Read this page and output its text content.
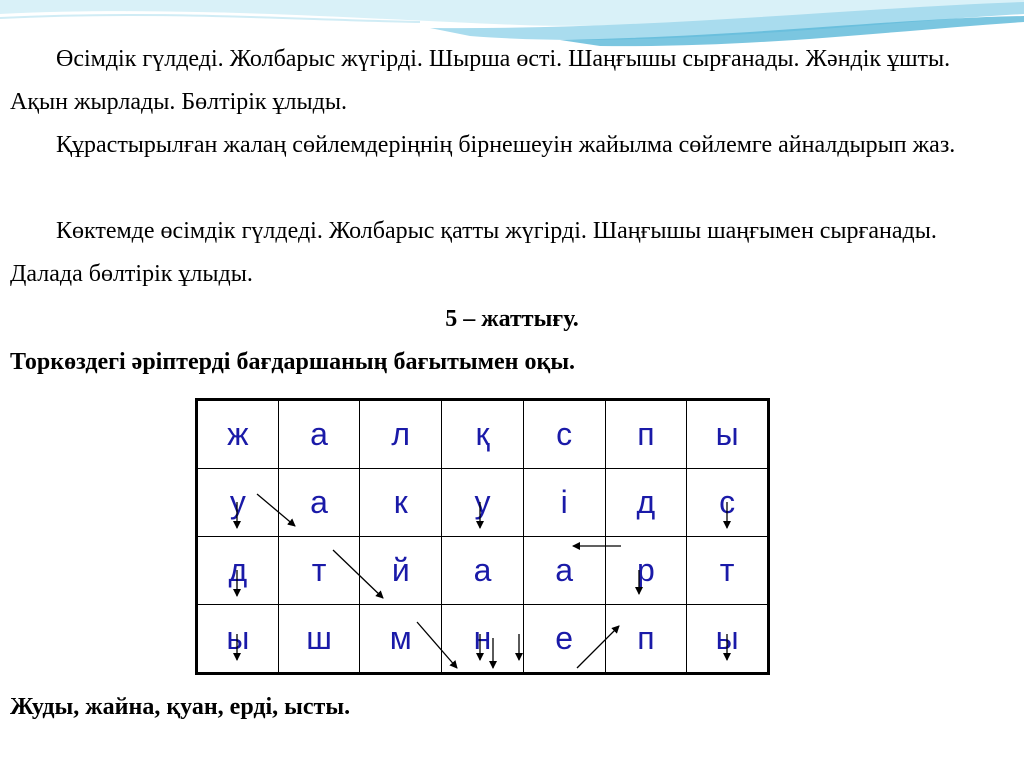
Өсімдік гүлдеді. Жолбарыс жүгірді. Шырша өсті. Шаңғышы сырғанады. Жәндік ұшты. Ақын жырлады. Бөлтірік ұлыды.

Құрастырылған жалаң сөйлемдеріңнің бірнешеуін жайылма сөйлемге айналдырып жаз.

Көктемде өсімдік гүлдеді. Жолбарыс қатты жүгірді. Шаңғышы шаңғымен сырғанады. Далада бөлтірік ұлыды.

5 – жаттығу.

Торкөздегі әріптерді бағдаршаның бағытымен оқы.

ж	а	л	қ	с	п	ы
у	а	к	у	і	д	с
д	т	й	а	а	р	т
ы	ш	м	н	е	п	ы

Жуды, жайна, қуан, ерді, ысты.
